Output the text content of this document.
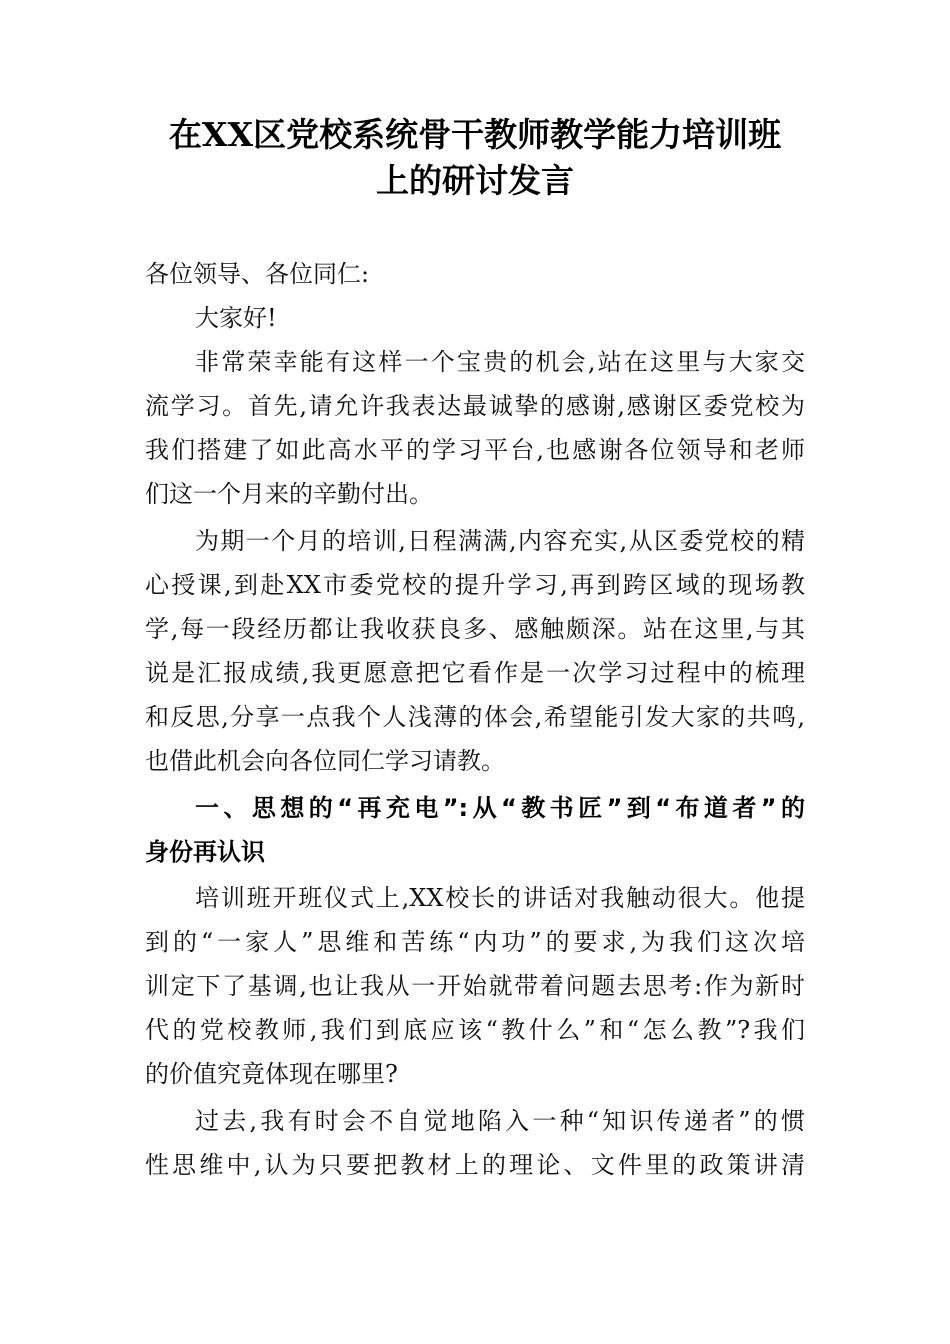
在XX区党校系统骨干教师教学能力培训班
上的研讨发言
各位领导、各位同仁:
大家好!
非常荣幸能有这样一个宝贵的机会,站在这里与大家交
流学习。首先,请允许我表达最诚挚的感谢,感谢区委党校为
我们搭建了如此高水平的学习平台,也感谢各位领导和老师
们这一个月来的辛勤付出。
为期一个月的培训,日程满满,内容充实,从区委党校的精
心授课,到赴XX市委党校的提升学习,再到跨区域的现场教
学,每一段经历都让我收获良多、感触颇深。站在这里,与其
说是汇报成绩,我更愿意把它看作是一次学习过程中的梳理
和反思,分享一点我个人浅薄的体会,希望能引发大家的共鸣,
也借此机会向各位同仁学习请教。
一、思想的“再充电”:从“教书匠”到“布道者”的
身份再认识
培训班开班仪式上,XX校长的讲话对我触动很大。他提
到的“一家人”思维和苦练“内功”的要求,为我们这次培
训定下了基调,也让我从一开始就带着问题去思考:作为新时
代的党校教师,我们到底应该“教什么”和“怎么教”?我们
的价值究竟体现在哪里?
过去,我有时会不自觉地陷入一种“知识传递者”的惯
性思维中,认为只要把教材上的理论、文件里的政策讲清
